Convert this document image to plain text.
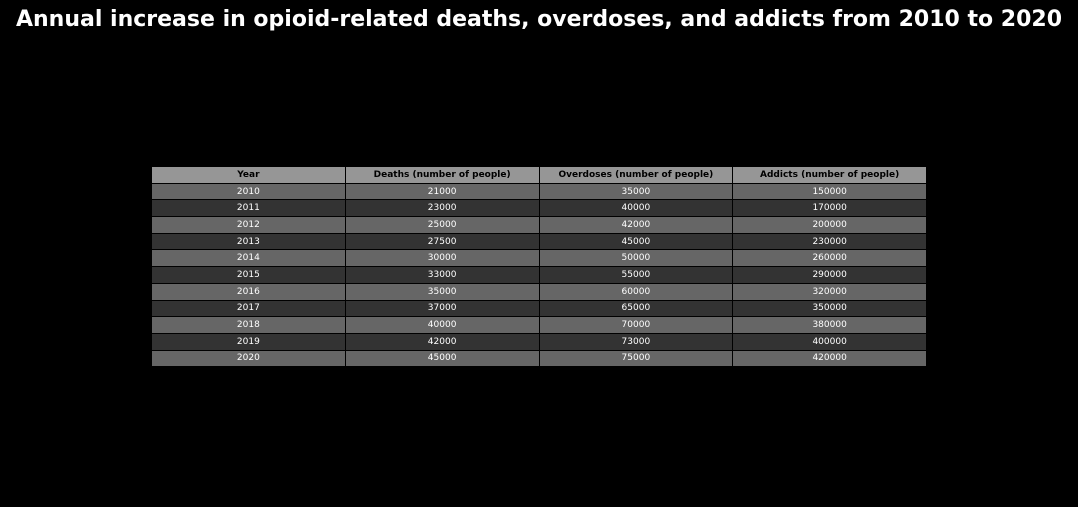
Annual increase in opioid-related deaths, overdoses, and addicts from 2010 to 2020
Year	Deaths (number of people)	Overdoses (number of people)	Addicts (number of people)
2010	21000	35000	150000
2011	23000	40000	170000
2012	25000	42000	200000
2013	27500	45000	230000
2014	30000	50000	260000
2015	33000	55000	290000
2016	35000	60000	320000
2017	37000	65000	350000
2018	40000	70000	380000
2019	42000	73000	400000
2020	45000	75000	420000
